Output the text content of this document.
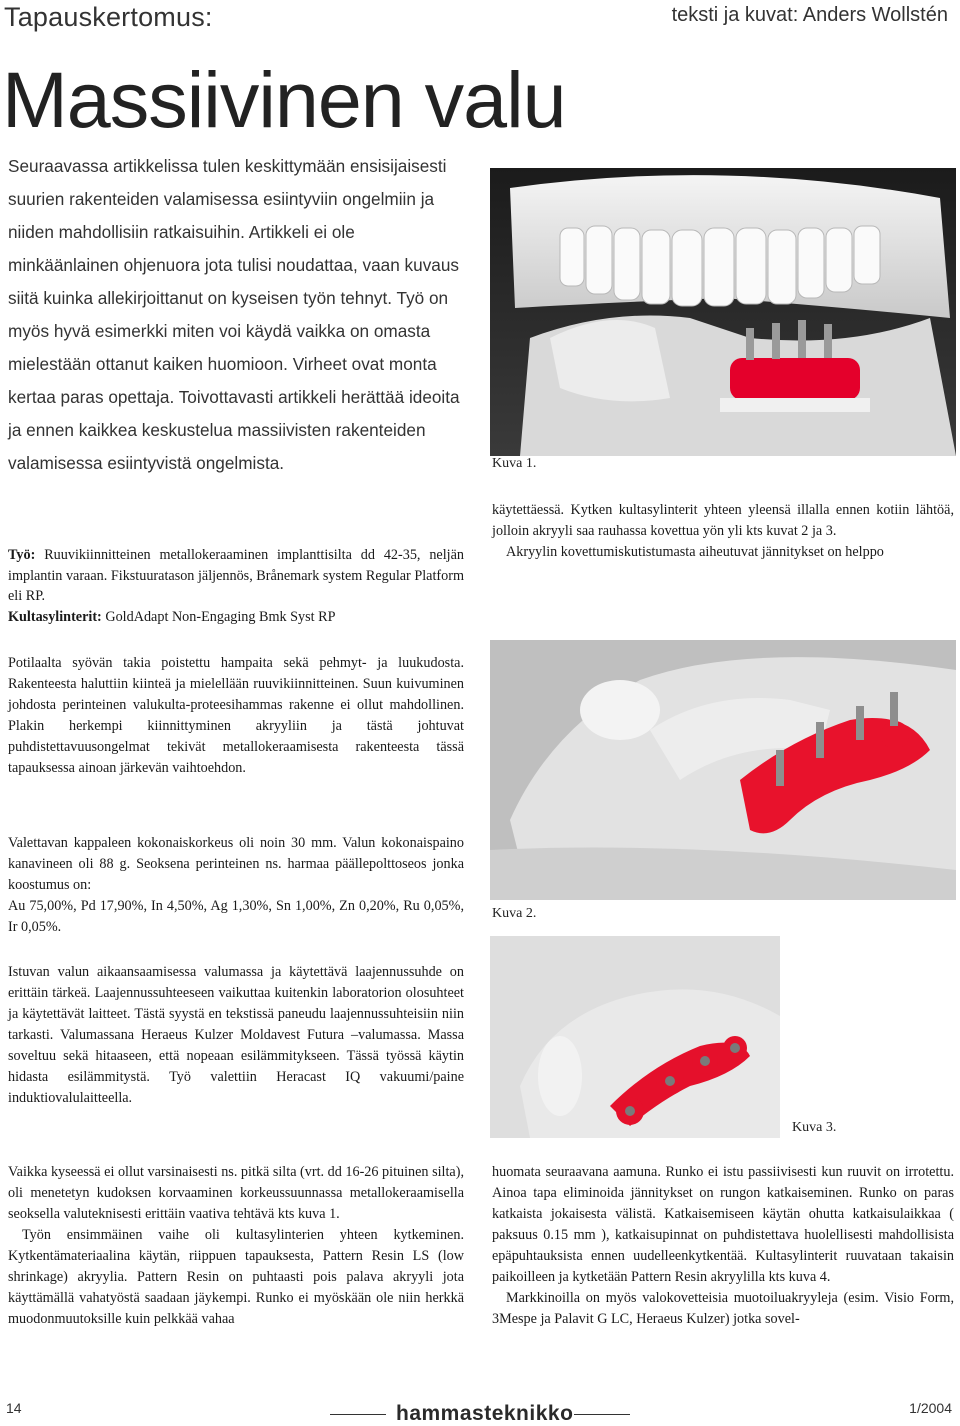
Tapauskertomus:	teksti ja kuvat: Anders Wollstén
Massiivinen valu

Seuraavassa artikkelissa tulen keskittymään ensisijaisesti suurien rakenteiden valamisessa esiintyviin ongelmiin ja niiden mahdollisiin ratkaisuihin. Artikkeli ei ole minkäänlainen ohjenuora jota tulisi noudattaa, vaan kuvaus siitä kuinka allekirjoittanut on kyseisen työn tehnyt. Työ on myös hyvä esimerkki miten voi käydä vaikka on omasta mielestään ottanut kaiken huomioon. Virheet ovat monta kertaa paras opettaja. Toivottavasti artikkeli herättää ideoita ja ennen kaikkea keskustelua massiivisten rakenteiden valamisessa esiintyvistä ongelmista.

Työ: Ruuvikiinnitteinen metallokeraaminen implanttisilta dd 42-35, neljän implantin varaan. Fikstuuratason jäljennös, Brånemark system Regular Platform eli RP.

Kultasylinterit: GoldAdapt Non-Engaging Bmk Syst RP

Potilaalta syövän takia poistettu hampaita sekä pehmyt- ja luukudosta. Rakenteesta haluttiin kiinteä ja mielellään ruuvikiinnitteinen. Suun kuivuminen johdosta perinteinen valukulta-proteesihammas rakenne ei ollut mahdollinen. Plakin herkempi kiinnittyminen akryyliin ja tästä johtuvat puhdistettavuusongelmat tekivät metallokeraamisesta rakenteesta tässä tapauksessa ainoan järkevän vaihtoehdon.

Valettavan kappaleen kokonaiskorkeus oli noin 30 mm. Valun kokonaispaino kanavineen oli 88 g. Seoksena perinteinen ns. harmaa päällepolttoseos jonka koostumus on:

Au 75,00%, Pd 17,90%, In 4,50%, Ag 1,30%, Sn 1,00%, Zn 0,20%, Ru 0,05%, Ir 0,05%.

Istuvan valun aikaansaamisessa valumassa ja käytettävä laajennussuhde on erittäin tärkeä. Laajennussuhteeseen vaikuttaa kuitenkin laboratorion olosuhteet ja käytettävät laitteet. Tästä syystä en tekstissä paneudu laajennussuhteisiin niin tarkasti. Valumassana Heraeus Kulzer Moldavest Futura –valumassa. Massa soveltuu sekä hitaaseen, että nopeaan esilämmitykseen. Tässä työssä käytin hidasta esilämmitystä. Työ valettiin Heracast IQ vakuumi/paine induktiovalulaitteella.

Vaikka kyseessä ei ollut varsinaisesti ns. pitkä silta (vrt. dd 16-26 pituinen silta), oli menetetyn kudoksen korvaaminen korkeussuunnassa metallokeraamisella seoksella valuteknisesti erittäin vaativa tehtävä kts kuva 1.

Työn ensimmäinen vaihe oli kultasylinterien yhteen kytkeminen. Kytkentämateriaalina käytän, riippuen tapauksesta, Pattern Resin LS (low shrinkage) akryylia. Pattern Resin on puhtaasti pois palava akryyli jota käyttämällä vahatyöstä saadaan jäykempi. Runko ei myöskään ole niin herkkä muodonmuutoksille kuin pelkkää vahaa

Kuva 1.

käytettäessä. Kytken kultasylinterit yhteen yleensä illalla ennen kotiin lähtöä, jolloin akryyli saa rauhassa kovettua yön yli kts kuvat 2 ja 3.

Akryylin kovettumiskutistumasta aiheutuvat jännitykset on helppo

Kuva 2.
Kuva 3.

huomata seuraavana aamuna. Runko ei istu passiivisesti kun ruuvit on irrotettu. Ainoa tapa eliminoida jännitykset on rungon katkaiseminen. Runko on paras katkaista jokaisesta välistä. Katkaisemiseen käytän ohutta katkaisulaikkaa ( paksuus 0.15 mm ), katkaisupinnat on puhdistettava huolellisesti mahdollisista epäpuhtauksista ennen uudelleenkytkentää. Kultasylinterit ruuvataan takaisin paikoilleen ja kytketään Pattern Resin akryylilla kts kuva 4.

Markkinoilla on myös valokovetteisia muotoiluakryyleja (esim. Visio Form, 3Mespe ja Palavit G LC, Heraeus Kulzer) jotka sovel-

14	hammasteknikko	1/2004
